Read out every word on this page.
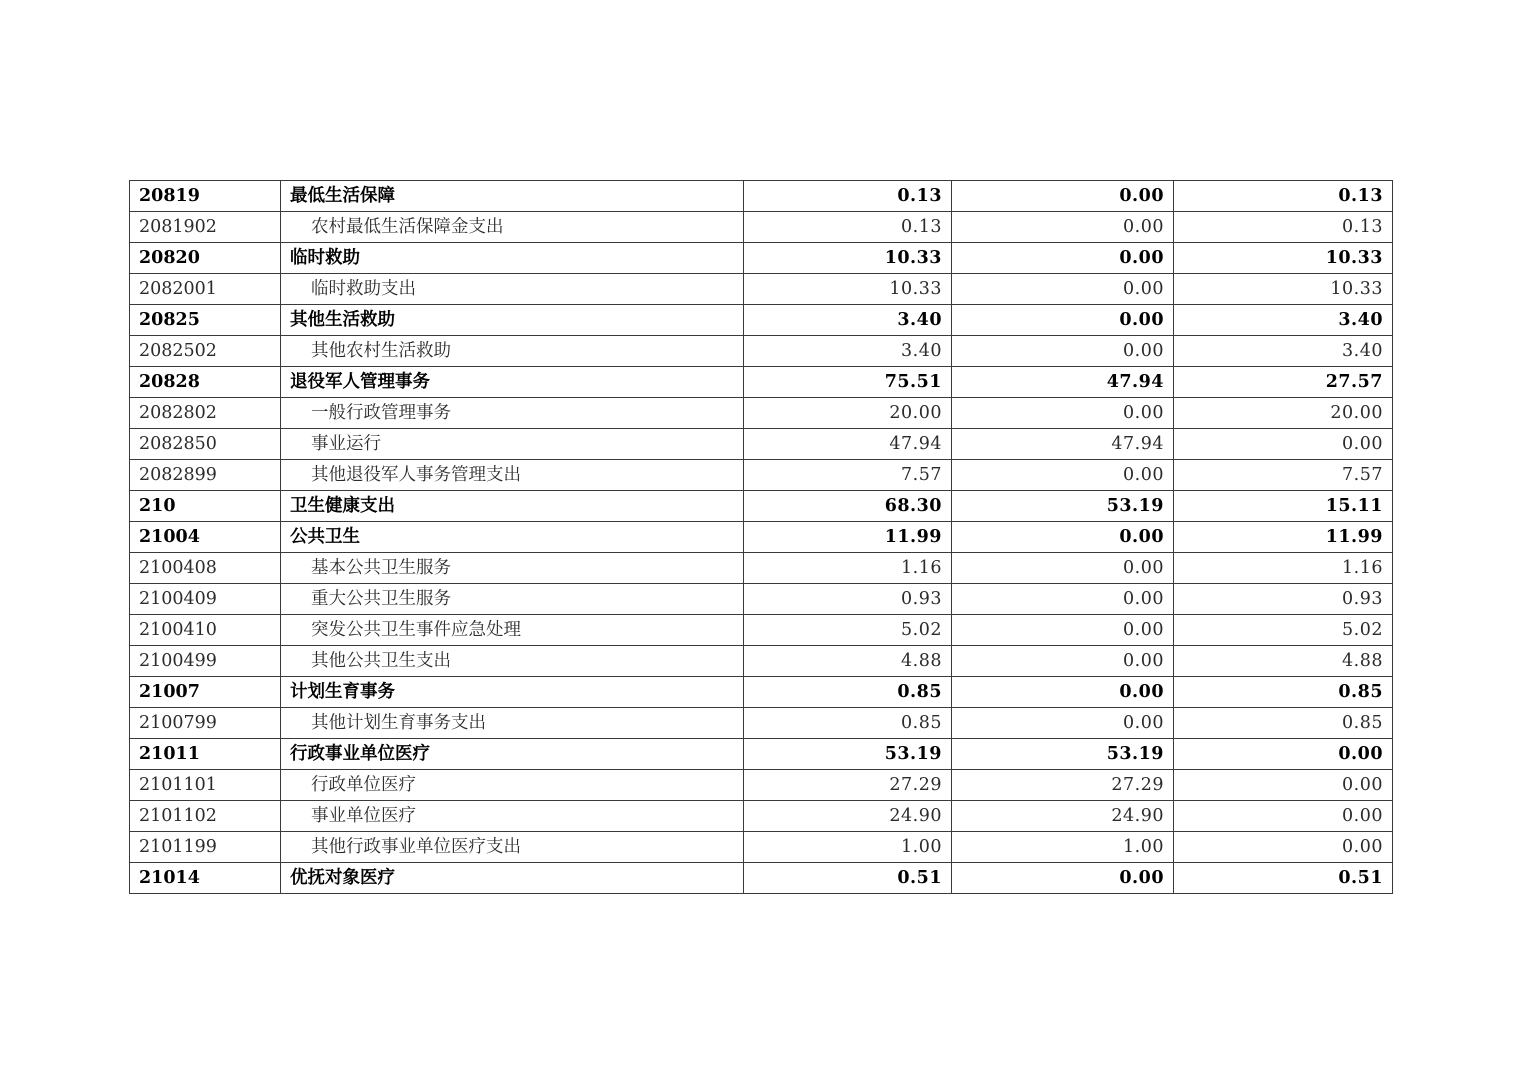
20819	最低生活保障	0.13	0.00	0.13
2081902	农村最低生活保障金支出	0.13	0.00	0.13
20820	临时救助	10.33	0.00	10.33
2082001	临时救助支出	10.33	0.00	10.33
20825	其他生活救助	3.40	0.00	3.40
2082502	其他农村生活救助	3.40	0.00	3.40
20828	退役军人管理事务	75.51	47.94	27.57
2082802	一般行政管理事务	20.00	0.00	20.00
2082850	事业运行	47.94	47.94	0.00
2082899	其他退役军人事务管理支出	7.57	0.00	7.57
210	卫生健康支出	68.30	53.19	15.11
21004	公共卫生	11.99	0.00	11.99
2100408	基本公共卫生服务	1.16	0.00	1.16
2100409	重大公共卫生服务	0.93	0.00	0.93
2100410	突发公共卫生事件应急处理	5.02	0.00	5.02
2100499	其他公共卫生支出	4.88	0.00	4.88
21007	计划生育事务	0.85	0.00	0.85
2100799	其他计划生育事务支出	0.85	0.00	0.85
21011	行政事业单位医疗	53.19	53.19	0.00
2101101	行政单位医疗	27.29	27.29	0.00
2101102	事业单位医疗	24.90	24.90	0.00
2101199	其他行政事业单位医疗支出	1.00	1.00	0.00
21014	优抚对象医疗	0.51	0.00	0.51
